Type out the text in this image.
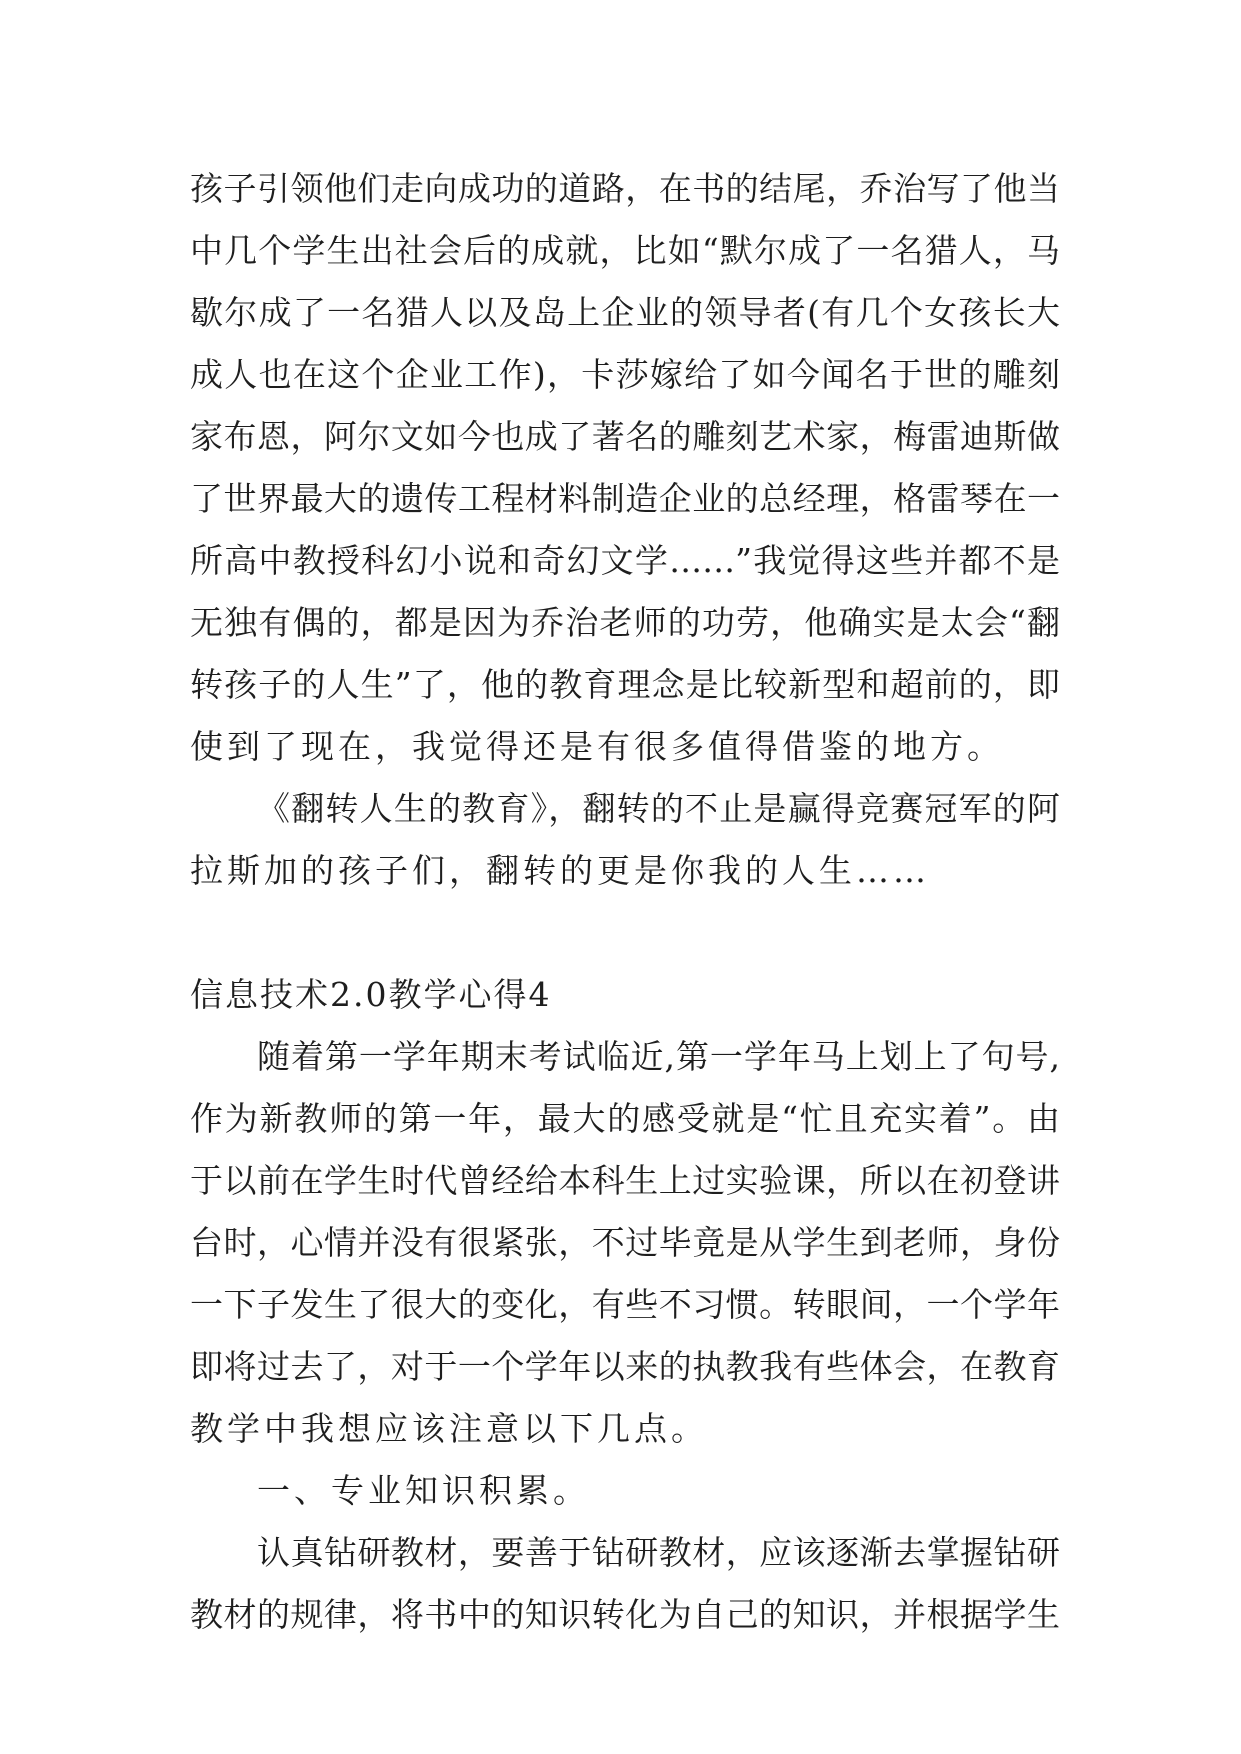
孩子引领他们走向成功的道路，在书的结尾，乔治写了他当
中几个学生出社会后的成就，比如“默尔成了一名猎人，马
歇尔成了一名猎人以及岛上企业的领导者(有几个女孩长大
成人也在这个企业工作)，卡莎嫁给了如今闻名于世的雕刻
家布恩，阿尔文如今也成了著名的雕刻艺术家，梅雷迪斯做
了世界最大的遗传工程材料制造企业的总经理，格雷琴在一
所高中教授科幻小说和奇幻文学……”我觉得这些并都不是
无独有偶的，都是因为乔治老师的功劳，他确实是太会“翻
转孩子的人生”了，他的教育理念是比较新型和超前的，即
使到了现在，我觉得还是有很多值得借鉴的地方。
《翻转人生的教育》，翻转的不止是赢得竞赛冠军的阿
拉斯加的孩子们，翻转的更是你我的人生……
信息技术2.0教学心得4
随着第一学年期末考试临近,第一学年马上划上了句号,
作为新教师的第一年，最大的感受就是“忙且充实着”。由
于以前在学生时代曾经给本科生上过实验课，所以在初登讲
台时，心情并没有很紧张，不过毕竟是从学生到老师，身份
一下子发生了很大的变化，有些不习惯。转眼间，一个学年
即将过去了，对于一个学年以来的执教我有些体会，在教育
教学中我想应该注意以下几点。
一、专业知识积累。
认真钻研教材，要善于钻研教材，应该逐渐去掌握钻研
教材的规律，将书中的知识转化为自己的知识，并根据学生
